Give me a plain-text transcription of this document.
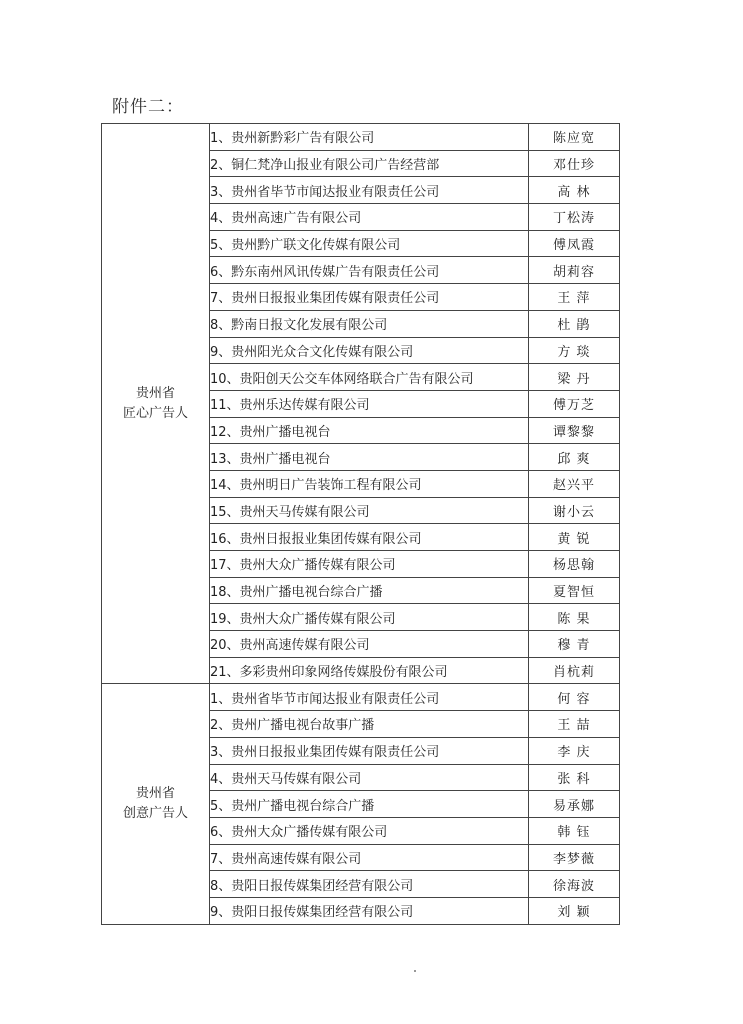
附件二：
贵州省
匠心广告人	1、贵州新黔彩广告有限公司	陈应宽
	2、铜仁梵净山报业有限公司广告经营部	邓仕珍
	3、贵州省毕节市闻达报业有限责任公司	高 林
	4、贵州高速广告有限公司	丁松涛
	5、贵州黔广联文化传媒有限公司	傅凤霞
	6、黔东南州风讯传媒广告有限责任公司	胡莉容
	7、贵州日报报业集团传媒有限责任公司	王 萍
	8、黔南日报文化发展有限公司	杜 鹃
	9、贵州阳光众合文化传媒有限公司	方 琰
	10、贵阳创天公交车体网络联合广告有限公司	梁 丹
	11、贵州乐达传媒有限公司	傅万芝
	12、贵州广播电视台	谭黎黎
	13、贵州广播电视台	邱 爽
	14、贵州明日广告装饰工程有限公司	赵兴平
	15、贵州天马传媒有限公司	谢小云
	16、贵州日报报业集团传媒有限公司	黄 锐
	17、贵州大众广播传媒有限公司	杨思翰
	18、贵州广播电视台综合广播	夏智恒
	19、贵州大众广播传媒有限公司	陈 果
	20、贵州高速传媒有限公司	穆 青
	21、多彩贵州印象网络传媒股份有限公司	肖杭莉

贵州省
创意广告人	1、贵州省毕节市闻达报业有限责任公司	何 容
	2、贵州广播电视台故事广播	王 喆
	3、贵州日报报业集团传媒有限责任公司	李 庆
	4、贵州天马传媒有限公司	张 科
	5、贵州广播电视台综合广播	易承娜
	6、贵州大众广播传媒有限公司	韩 钰
	7、贵州高速传媒有限公司	李梦薇
	8、贵阳日报传媒集团经营有限公司	徐海波
	9、贵阳日报传媒集团经营有限公司	刘 颖
